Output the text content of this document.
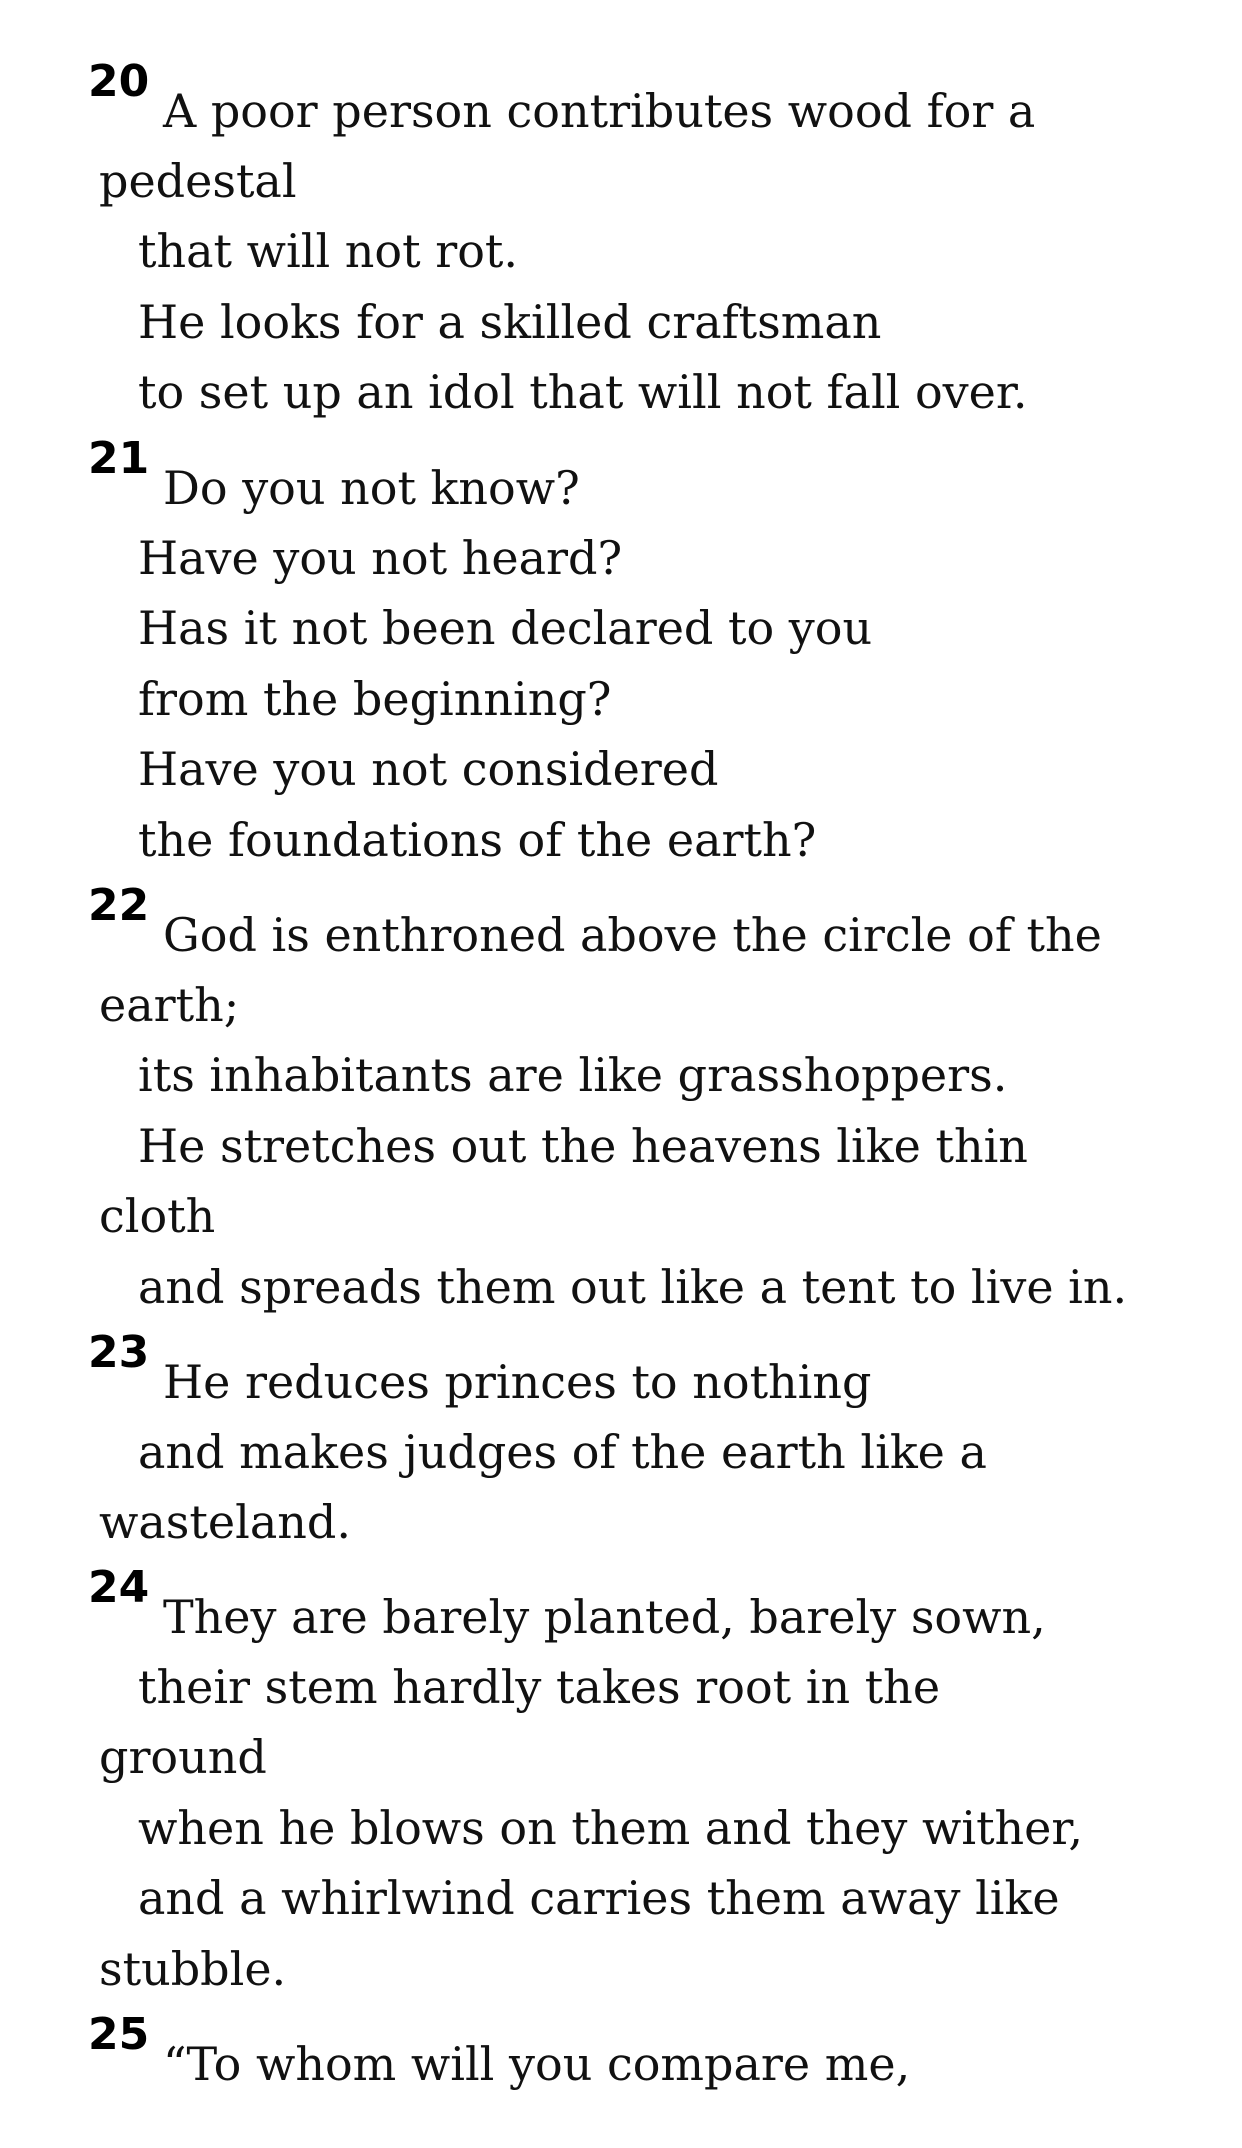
20
A poor person contributes wood for a
pedestal
that will not rot.
He looks for a skilled craftsman
to set up an idol that will not fall over.
21
Do you not know?
Have you not heard?
Has it not been declared to you
from the beginning?
Have you not considered
the foundations of the earth?
22
God is enthroned above the circle of the
earth;
its inhabitants are like grasshoppers.
He stretches out the heavens like thin
cloth
and spreads them out like a tent to live in.
23
He reduces princes to nothing
and makes judges of the earth like a
wasteland.
24
They are barely planted, barely sown,
their stem hardly takes root in the
ground
when he blows on them and they wither,
and a whirlwind carries them away like
stubble.
25
“To whom will you compare me,
